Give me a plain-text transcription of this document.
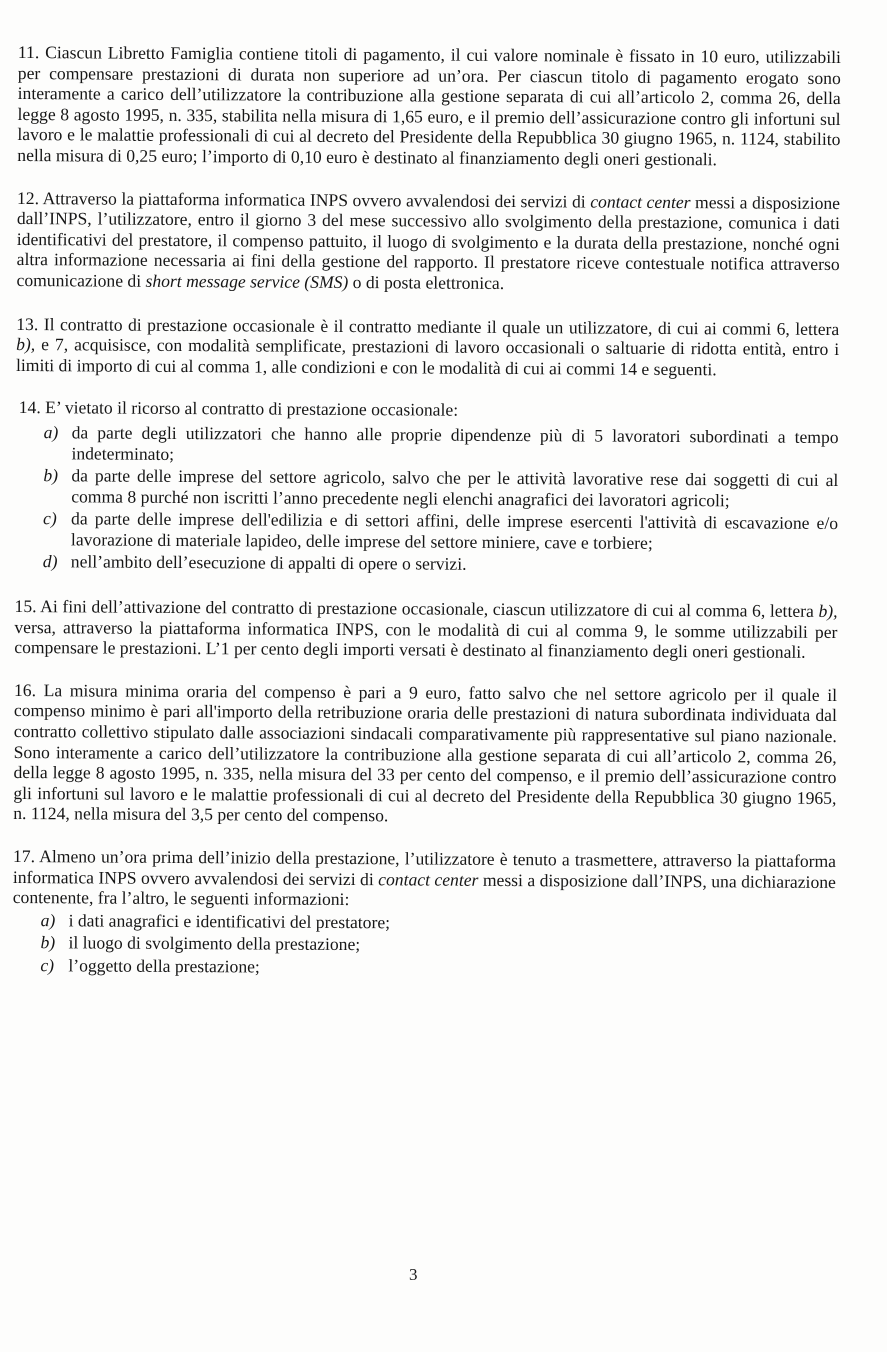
11. Ciascun Libretto Famiglia contiene titoli di pagamento, il cui valore nominale è fissato in 10 euro, utilizzabili per compensare prestazioni di durata non superiore ad un’ora. Per ciascun titolo di pagamento erogato sono interamente a carico dell’utilizzatore la contribuzione alla gestione separata di cui all’articolo 2, comma 26, della legge 8 agosto 1995, n. 335, stabilita nella misura di 1,65 euro, e il premio dell’assicurazione contro gli infortuni sul lavoro e le malattie professionali di cui al decreto del Presidente della Repubblica 30 giugno 1965, n. 1124, stabilito nella misura di 0,25 euro; l’importo di 0,10 euro è destinato al finanziamento degli oneri gestionali.

12. Attraverso la piattaforma informatica INPS ovvero avvalendosi dei servizi di contact center messi a disposizione dall’INPS, l’utilizzatore, entro il giorno 3 del mese successivo allo svolgimento della prestazione, comunica i dati identificativi del prestatore, il compenso pattuito, il luogo di svolgimento e la durata della prestazione, nonché ogni altra informazione necessaria ai fini della gestione del rapporto. Il prestatore riceve contestuale notifica attraverso comunicazione di short message service (SMS) o di posta elettronica.

13. Il contratto di prestazione occasionale è il contratto mediante il quale un utilizzatore, di cui ai commi 6, lettera b), e 7, acquisisce, con modalità semplificate, prestazioni di lavoro occasionali o saltuarie di ridotta entità, entro i limiti di importo di cui al comma 1, alle condizioni e con le modalità di cui ai commi 14 e seguenti.

14. E’ vietato il ricorso al contratto di prestazione occasionale:

a) da parte degli utilizzatori che hanno alle proprie dipendenze più di 5 lavoratori subordinati a tempo indeterminato;
b) da parte delle imprese del settore agricolo, salvo che per le attività lavorative rese dai soggetti di cui al comma 8 purché non iscritti l’anno precedente negli elenchi anagrafici dei lavoratori agricoli;
c) da parte delle imprese dell'edilizia e di settori affini, delle imprese esercenti l'attività di escavazione e/o lavorazione di materiale lapideo, delle imprese del settore miniere, cave e torbiere;
d) nell’ambito dell’esecuzione di appalti di opere o servizi.

15. Ai fini dell’attivazione del contratto di prestazione occasionale, ciascun utilizzatore di cui al comma 6, lettera b), versa, attraverso la piattaforma informatica INPS, con le modalità di cui al comma 9, le somme utilizzabili per compensare le prestazioni. L’1 per cento degli importi versati è destinato al finanziamento degli oneri gestionali.

16. La misura minima oraria del compenso è pari a 9 euro, fatto salvo che nel settore agricolo per il quale il compenso minimo è pari all'importo della retribuzione oraria delle prestazioni di natura subordinata individuata dal contratto collettivo stipulato dalle associazioni sindacali comparativamente più rappresentative sul piano nazionale. Sono interamente a carico dell’utilizzatore la contribuzione alla gestione separata di cui all’articolo 2, comma 26, della legge 8 agosto 1995, n. 335, nella misura del 33 per cento del compenso, e il premio dell’assicurazione contro gli infortuni sul lavoro e le malattie professionali di cui al decreto del Presidente della Repubblica 30 giugno 1965, n. 1124, nella misura del 3,5 per cento del compenso.

17. Almeno un’ora prima dell’inizio della prestazione, l’utilizzatore è tenuto a trasmettere, attraverso la piattaforma informatica INPS ovvero avvalendosi dei servizi di contact center messi a disposizione dall’INPS, una dichiarazione contenente, fra l’altro, le seguenti informazioni:

a) i dati anagrafici e identificativi del prestatore;
b) il luogo di svolgimento della prestazione;
c) l’oggetto della prestazione;
3
